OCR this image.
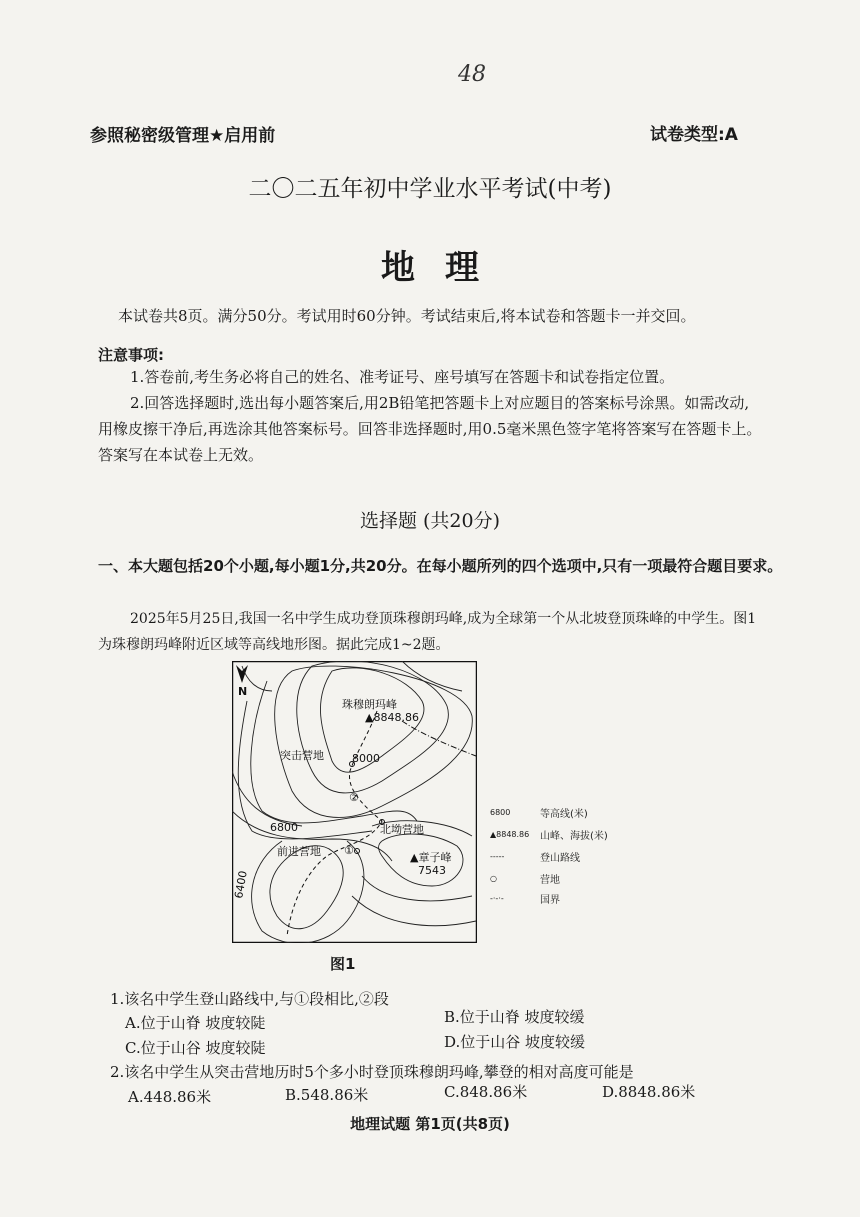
48
参照秘密级管理★启用前	试卷类型:A
二〇二五年初中学业水平考试(中考)
地理
本试卷共8页。满分50分。考试用时60分钟。考试结束后,将本试卷和答题卡一并交回。
注意事项:
1.答卷前,考生务必将自己的姓名、准考证号、座号填写在答题卡和试卷指定位置。
2.回答选择题时,选出每小题答案后,用2B铅笔把答题卡上对应题目的答案标号涂黑。如需改动,用橡皮擦干净后,再选涂其他答案标号。回答非选择题时,用0.5毫米黑色签字笔将答案写在答题卡上。答案写在本试卷上无效。
选择题 (共20分)
一、本大题包括20个小题,每小题1分,共20分。在每小题所列的四个选项中,只有一项最符合题目要求。
2025年5月25日,我国一名中学生成功登顶珠穆朗玛峰,成为全球第一个从北坡登顶珠峰的中学生。图1为珠穆朗玛峰附近区域等高线地形图。据此完成1~2题。
N
珠穆朗玛峰
▲8848.86
突击营地	8000
②
6800	北坳营地
前进营地 ①
▲章子峰
7543
6400
6800	等高线(米)
▲8848.86	山峰、海拔(米)
-----	登山路线
○	营地
-·-·-	国界
图1
1.该名中学生登山路线中,与①段相比,②段
A.位于山脊 坡度较陡	B.位于山脊 坡度较缓
C.位于山谷 坡度较陡	D.位于山谷 坡度较缓
2.该名中学生从突击营地历时5个多小时登顶珠穆朗玛峰,攀登的相对高度可能是
A.448.86米	B.548.86米	C.848.86米	D.8848.86米
地理试题 第1页(共8页)
